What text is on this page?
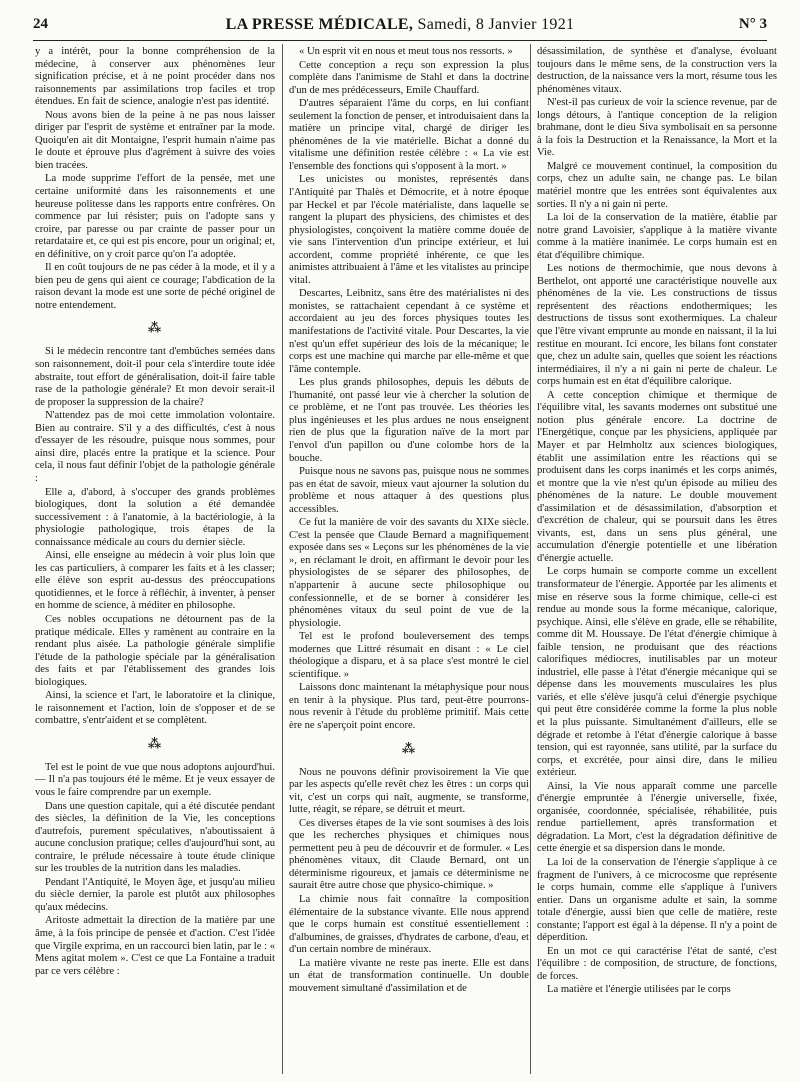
24	LA PRESSE MÉDICALE, Samedi, 8 Janvier 1921	N° 3

y a intérêt, pour la bonne compréhension de la médecine, à conserver aux phénomènes leur signification précise, et à ne point procéder dans nos raisonnements par assimilations trop faciles et trop étendues. En fait de science, analogie n'est pas identité.

Nous avons bien de la peine à ne pas nous laisser diriger par l'esprit de système et entraîner par la mode. Quoiqu'en ait dit Montaigne, l'esprit humain n'aime pas le doute et éprouve plus d'agrément à suivre des voies bien tracées.

La mode supprime l'effort de la pensée, met une certaine uniformité dans les raisonnements et une heureuse politesse dans les rapports entre confrères. On commence par lui résister; puis on l'adopte sans y croire, par paresse ou par crainte de passer pour un retardataire et, ce qui est pis encore, pour un original; et, en définitive, on y croit parce qu'on l'a adoptée.

Il en coût toujours de ne pas céder à la mode, et il y a bien peu de gens qui aient ce courage; l'abdication de la raison devant la mode est une sorte de péché originel de notre entendement.

⁂

Si le médecin rencontre tant d'embûches semées dans son raisonnement, doit-il pour cela s'interdire toute idée abstraite, tout effort de généralisation, doit-il faire table rase de la pathologie générale? Et mon devoir serait-il de proposer la suppression de la chaire?

N'attendez pas de moi cette immolation volontaire. Bien au contraire. S'il y a des difficultés, c'est à nous d'essayer de les résoudre, puisque nous sommes, pour ainsi dire, placés entre la pratique et la science. Pour cela, il nous faut définir l'objet de la pathologie générale :

Elle a, d'abord, à s'occuper des grands problèmes biologiques, dont la solution a été demandée successivement : à l'anatomie, à la bactériologie, à la physiologie pathologique, trois étapes de la connaissance médicale au cours du dernier siècle.

Ainsi, elle enseigne au médecin à voir plus loin que les cas particuliers, à comparer les faits et à les classer; elle élève son esprit au-dessus des préoccupations quotidiennes, et le force à réfléchir, à inventer, à penser en homme de science, à méditer en philosophe.

Ces nobles occupations ne détournent pas de la pratique médicale. Elles y ramènent au contraire en la rendant plus aisée. La pathologie générale simplifie l'étude de la pathologie spéciale par la généralisation des faits et par l'établissement des grandes lois biologiques.

Ainsi, la science et l'art, le laboratoire et la clinique, le raisonnement et l'action, loin de s'opposer et de se combattre, s'entr'aident et se complètent.

⁂

Tel est le point de vue que nous adoptons aujourd'hui. — Il n'a pas toujours été le même. Et je veux essayer de vous le faire comprendre par un exemple.

Dans une question capitale, qui a été discutée pendant des siècles, la définition de la Vie, les conceptions d'autrefois, purement spéculatives, n'aboutissaient à aucune conclusion pratique; celles d'aujourd'hui sont, au contraire, le prélude nécessaire à toute étude clinique sur les troubles de la nutrition dans les maladies.

Pendant l'Antiquité, le Moyen âge, et jusqu'au milieu du siècle dernier, la parole est plutôt aux philosophes qu'aux médecins.

Aritoste admettait la direction de la matière par une âme, à la fois principe de pensée et d'action. C'est l'idée que Virgile exprima, en un raccourci bien latin, par le : « Mens agitat molem ». C'est ce que La Fontaine a traduit par ce vers célèbre :

« Un esprit vit en nous et meut tous nos ressorts. »

Cette conception a reçu son expression la plus complète dans l'animisme de Stahl et dans la doctrine d'un de mes prédécesseurs, Emile Chauffard.

D'autres séparaient l'âme du corps, en lui confiant seulement la fonction de penser, et introduisaient dans la matière un principe vital, chargé de diriger les phénomènes de la vie matérielle. Bichat a donné du vitalisme une définition restée célèbre : « La vie est l'ensemble des fonctions qui s'opposent à la mort. »

Les unicistes ou monistes, représentés dans l'Antiquité par Thalès et Démocrite, et à notre époque par Heckel et par l'école matérialiste, dans laquelle se rangent la plupart des physiciens, des chimistes et des physiologistes, conçoivent la matière comme douée de vie sans l'intervention d'un principe extérieur, et lui accordent, comme propriété inhérente, ce que les animistes attribuaient à l'âme et les vitalistes au principe vital.

Descartes, Leibnitz, sans être des matérialistes ni des monistes, se rattachaient cependant à ce système et accordaient au jeu des forces physiques toutes les manifestations de l'activité vitale. Pour Descartes, la vie n'est qu'un effet supérieur des lois de la mécanique; le corps est une machine qui marche par elle-même et que l'âme contemple.

Les plus grands philosophes, depuis les débuts de l'humanité, ont passé leur vie à chercher la solution de ce problème, et ne l'ont pas trouvée. Les théories les plus ingénieuses et les plus ardues ne nous enseignent rien de plus que la figuration naïve de la mort par l'envol d'un papillon ou d'une colombe hors de la bouche.

Puisque nous ne savons pas, puisque nous ne sommes pas en état de savoir, mieux vaut ajourner la solution du problème et nous attaquer à des questions plus accessibles.

Ce fut la manière de voir des savants du XIXe siècle. C'est la pensée que Claude Bernard a magnifiquement exposée dans ses « Leçons sur les phénomènes de la vie », en réclamant le droit, en affirmant le devoir pour les physiologistes de se séparer des philosophes, de n'appartenir à aucune secte philosophique ou confessionnelle, et de se borner à considérer les phénomènes vitaux du seul point de vue de la physiologie.

Tel est le profond bouleversement des temps modernes que Littré résumait en disant : « Le ciel théologique a disparu, et à sa place s'est montré le ciel scientifique. »

Laissons donc maintenant la métaphysique pour nous en tenir à la physique. Plus tard, peut-être pourrons-nous revenir à l'étude du problème primitif. Mais cette ère ne s'aperçoit point encore.

⁂

Nous ne pouvons définir provisoirement la Vie que par les aspects qu'elle revêt chez les êtres : un corps qui vit, c'est un corps qui naît, augmente, se transforme, lutte, réagit, se répare, se détruit et meurt.

Ces diverses étapes de la vie sont soumises à des lois que les recherches physiques et chimiques nous permettent peu à peu de découvrir et de formuler. « Les phénomènes vitaux, dit Claude Bernard, ont un déterminisme rigoureux, et jamais ce déterminisme ne saurait être autre chose que physico-chimique. »

La chimie nous fait connaître la composition élémentaire de la substance vivante. Elle nous apprend que le corps humain est constitué essentiellement : d'albumines, de graisses, d'hydrates de carbone, d'eau, et d'un certain nombre de minéraux.

La matière vivante ne reste pas inerte. Elle est dans un état de transformation continuelle. Un double mouvement simultané d'assimilation et de

désassimilation, de synthèse et d'analyse, évoluant toujours dans le même sens, de la construction vers la destruction, de la naissance vers la mort, résume tous les phénomènes vitaux.

N'est-il pas curieux de voir la science revenue, par de longs détours, à l'antique conception de la religion brahmane, dont le dieu Siva symbolisait en sa personne à la fois la Destruction et la Renaissance, la Mort et la Vie.

Malgré ce mouvement continuel, la composition du corps, chez un adulte sain, ne change pas. Le bilan matériel montre que les entrées sont équivalentes aux sorties. Il n'y a ni gain ni perte.

La loi de la conservation de la matière, établie par notre grand Lavoisier, s'applique à la matière vivante comme à la matière inanimée. Le corps humain est en état d'équilibre chimique.

Les notions de thermochimie, que nous devons à Berthelot, ont apporté une caractéristique nouvelle aux phénomènes de la vie. Les constructions de tissus représentent des réactions endothermiques; les destructions de tissus sont exothermiques. La chaleur que l'être vivant emprunte au monde en naissant, il la lui restitue en mourant. Ici encore, les bilans font constater que, chez un adulte sain, quelles que soient les réactions intermédiaires, il n'y a ni gain ni perte de chaleur. Le corps humain est en état d'équilibre calorique.

A cette conception chimique et thermique de l'équilibre vital, les savants modernes ont substitué une notion plus générale encore. La doctrine de l'Energétique, conçue par les physiciens, appliquée par Mayer et par Helmholtz aux sciences biologiques, établit une assimilation entre les réactions qui se produisent dans les corps inanimés et les corps animés, et montre que la vie n'est qu'un épisode au milieu des phénomènes de la nature. Le double mouvement d'assimilation et de désassimilation, d'absorption et d'excrétion de chaleur, qui se poursuit dans les êtres vivants, est, dans un sens plus général, une accumulation d'énergie potentielle et une libération d'énergie actuelle.

Le corps humain se comporte comme un excellent transformateur de l'énergie. Apportée par les aliments et mise en réserve sous la forme chimique, celle-ci est rendue au monde sous la forme mécanique, calorique, psychique. Ainsi, elle s'élève en grade, elle se réhabilite, comme dit M. Houssaye. De l'état d'énergie chimique à faible tension, ne produisant que des réactions calorifiques médiocres, inutilisables par un moteur industriel, elle passe à l'état d'énergie mécanique qui se dépense dans les mouvements musculaires les plus variés, et elle s'élève jusqu'à celui d'énergie psychique qui peut être considérée comme la forme la plus noble et la plus puissante. Simultanément d'ailleurs, elle se dégrade et retombe à l'état d'énergie calorique à basse tension, qui est rayonnée, sans utilité, par la surface du corps, et excrétée, pour ainsi dire, dans le milieu extérieur.

Ainsi, la Vie nous apparaît comme une parcelle d'énergie empruntée à l'énergie universelle, fixée, organisée, coordonnée, spécialisée, réhabilitée, puis rendue partiellement, après transformation et dégradation. La Mort, c'est la dégradation définitive de cette énergie et sa dispersion dans le monde.

La loi de la conservation de l'énergie s'applique à ce fragment de l'univers, à ce microcosme que représente le corps humain, comme elle s'applique à l'univers entier. Dans un organisme adulte et sain, la somme totale d'énergie, aussi bien que celle de matière, reste constante; l'apport est égal à la dépense. Il n'y a point de déperdition.

En un mot ce qui caractérise l'état de santé, c'est l'équilibre : de composition, de structure, de fonctions, de forces.

La matière et l'énergie utilisées par le corps
